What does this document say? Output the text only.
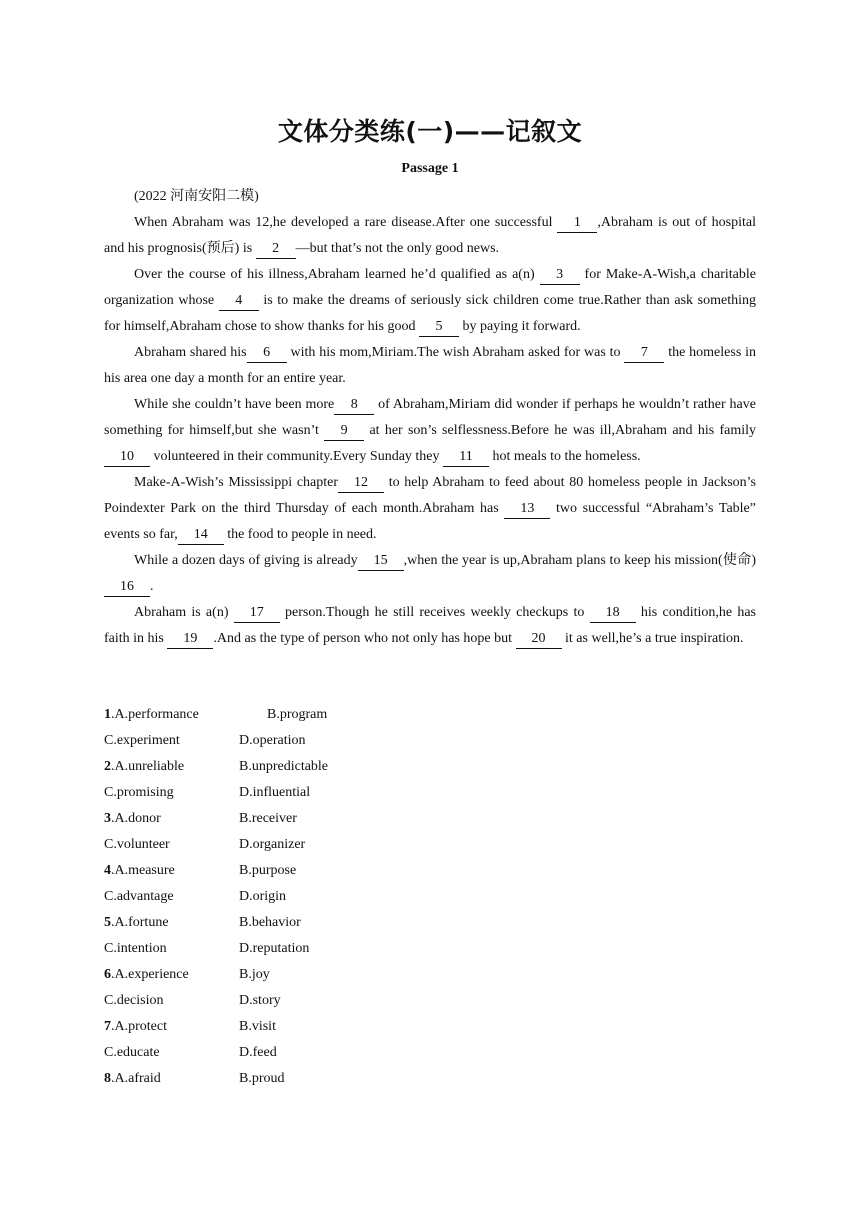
文体分类练(一)——记叙文
Passage 1

(2022 河南安阳二模)

When Abraham was 12,he developed a rare disease.After one successful 1 ,Abraham is out of hospital and his prognosis(预后) is 2 —but that’s not the only good news.

Over the course of his illness,Abraham learned he’d qualified as a(n) 3 for Make-A-Wish,a charitable organization whose 4 is to make the dreams of seriously sick children come true.Rather than ask something for himself,Abraham chose to show thanks for his good 5 by paying it forward.

Abraham shared his 6 with his mom,Miriam.The wish Abraham asked for was to 7 the homeless in his area one day a month for an entire year.

While she couldn’t have been more 8 of Abraham,Miriam did wonder if perhaps he wouldn’t rather have something for himself,but she wasn’t 9 at her son’s selflessness.Before he was ill,Abraham and his family 10 volunteered in their community.Every Sunday they 11 hot meals to the homeless.

Make-A-Wish’s Mississippi chapter 12 to help Abraham to feed about 80 homeless people in Jackson’s Poindexter Park on the third Thursday of each month.Abraham has 13 two successful “Abraham’s Table” events so far, 14 the food to people in need.

While a dozen days of giving is already 15 ,when the year is up,Abraham plans to keep his mission(使命) 16 .

Abraham is a(n) 17 person.Though he still receives weekly checkups to 18 his condition,he has faith in his 19 .And as the type of person who not only has hope but 20 it as well,he’s a true inspiration.

1.A.performance	B.program
C.experiment	D.operation
2.A.unreliable	B.unpredictable
C.promising	D.influential
3.A.donor	B.receiver
C.volunteer	D.organizer
4.A.measure	B.purpose
C.advantage	D.origin
5.A.fortune	B.behavior
C.intention	D.reputation
6.A.experience	B.joy
C.decision	D.story
7.A.protect	B.visit
C.educate	D.feed
8.A.afraid	B.proud
